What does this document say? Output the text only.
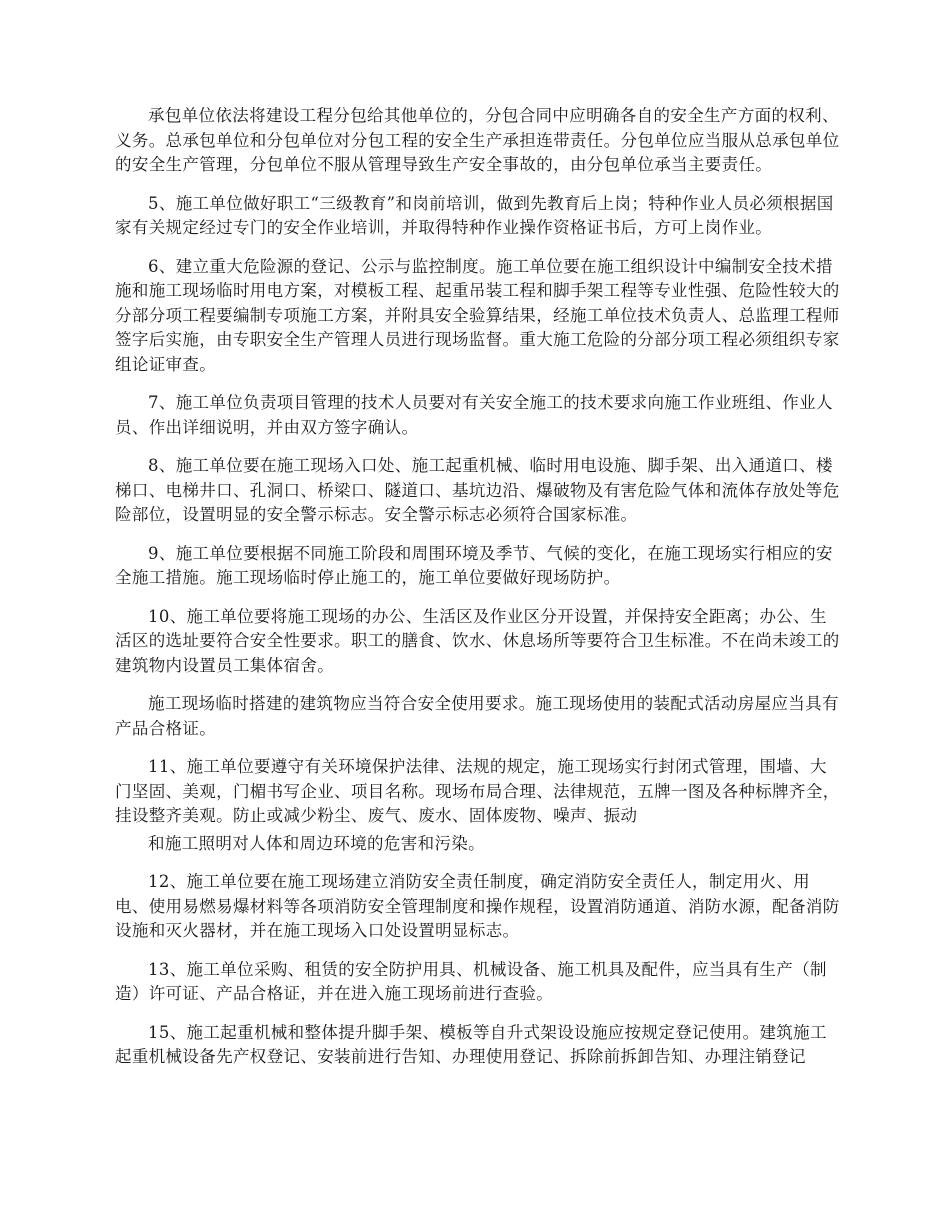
承包单位依法将建设工程分包给其他单位的，分包合同中应明确各自的安全生产方面的权利、义务。总承包单位和分包单位对分包工程的安全生产承担连带责任。分包单位应当服从总承包单位的安全生产管理，分包单位不服从管理导致生产安全事故的，由分包单位承当主要责任。

5、施工单位做好职工“三级教育”和岗前培训，做到先教育后上岗；特种作业人员必须根据国家有关规定经过专门的安全作业培训，并取得特种作业操作资格证书后，方可上岗作业。

6、建立重大危险源的登记、公示与监控制度。施工单位要在施工组织设计中编制安全技术措施和施工现场临时用电方案，对模板工程、起重吊装工程和脚手架工程等专业性强、危险性较大的分部分项工程要编制专项施工方案，并附具安全验算结果，经施工单位技术负责人、总监理工程师签字后实施，由专职安全生产管理人员进行现场监督。重大施工危险的分部分项工程必须组织专家组论证审查。

7、施工单位负责项目管理的技术人员要对有关安全施工的技术要求向施工作业班组、作业人员、作出详细说明，并由双方签字确认。

8、施工单位要在施工现场入口处、施工起重机械、临时用电设施、脚手架、出入通道口、楼梯口、电梯井口、孔洞口、桥梁口、隧道口、基坑边沿、爆破物及有害危险气体和流体存放处等危险部位，设置明显的安全警示标志。安全警示标志必须符合国家标准。

9、施工单位要根据不同施工阶段和周围环境及季节、气候的变化，在施工现场实行相应的安全施工措施。施工现场临时停止施工的，施工单位要做好现场防护。

10、施工单位要将施工现场的办公、生活区及作业区分开设置，并保持安全距离；办公、生活区的选址要符合安全性要求。职工的膳食、饮水、休息场所等要符合卫生标准。不在尚未竣工的建筑物内设置员工集体宿舍。

施工现场临时搭建的建筑物应当符合安全使用要求。施工现场使用的装配式活动房屋应当具有产品合格证。

11、施工单位要遵守有关环境保护法律、法规的规定，施工现场实行封闭式管理，围墙、大门坚固、美观，门楣书写企业、项目名称。现场布局合理、法律规范，五牌一图及各种标牌齐全，挂设整齐美观。防止或减少粉尘、废气、废水、固体废物、噪声、振动

和施工照明对人体和周边环境的危害和污染。

12、施工单位要在施工现场建立消防安全责任制度，确定消防安全责任人，制定用火、用电、使用易燃易爆材料等各项消防安全管理制度和操作规程，设置消防通道、消防水源，配备消防设施和灭火器材，并在施工现场入口处设置明显标志。

13、施工单位采购、租赁的安全防护用具、机械设备、施工机具及配件，应当具有生产（制造）许可证、产品合格证，并在进入施工现场前进行查验。

15、施工起重机械和整体提升脚手架、模板等自升式架设设施应按规定登记使用。建筑施工起重机械设备先产权登记、安装前进行告知、办理使用登记、拆除前拆卸告知、办理注销登记
